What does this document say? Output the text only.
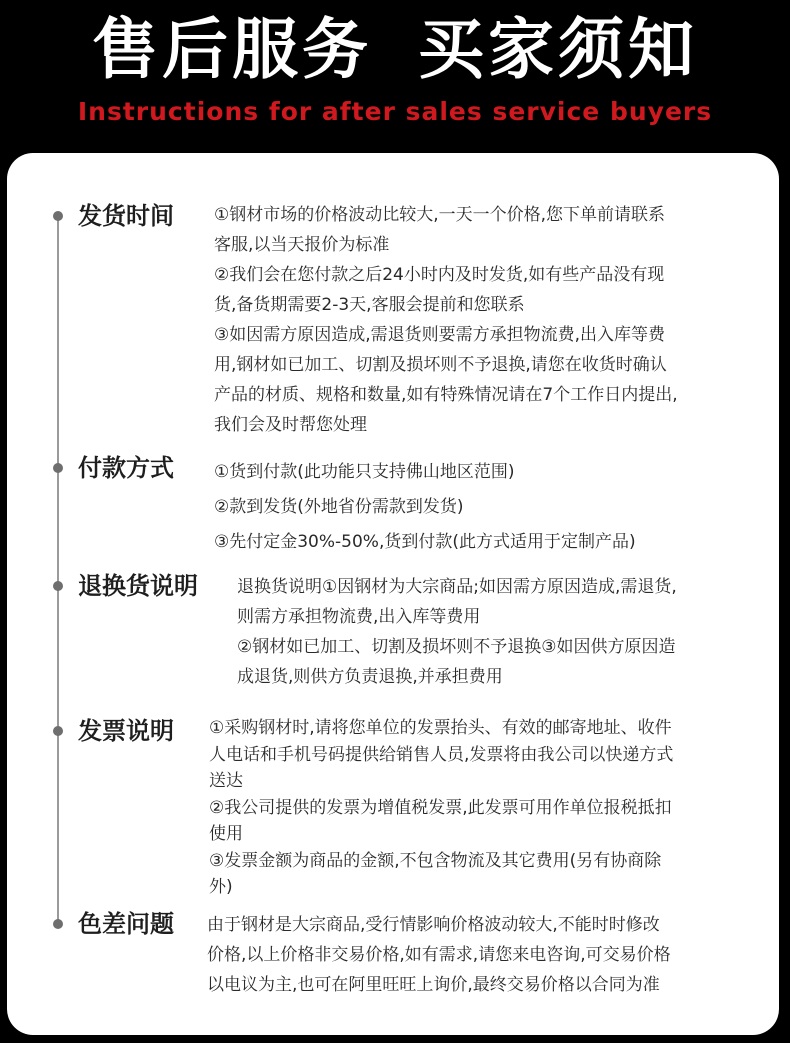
售后服务 买家须知
Instructions for after sales service buyers
发货时间 ①钢材市场的价格波动比较大,一天一个价格,您下单前请联系
客服,以当天报价为标准
②我们会在您付款之后24小时内及时发货,如有些产品没有现
货,备货期需要2-3天,客服会提前和您联系
③如因需方原因造成,需退货则要需方承担物流费,出入库等费
用,钢材如已加工、切割及损坏则不予退换,请您在收货时确认
产品的材质、规格和数量,如有特殊情况请在7个工作日内提出,
我们会及时帮您处理
付款方式 ①货到付款(此功能只支持佛山地区范围)
②款到发货(外地省份需款到发货)
③先付定金30%-50%,货到付款(此方式适用于定制产品)
退换货说明 退换货说明①因钢材为大宗商品;如因需方原因造成,需退货,
则需方承担物流费,出入库等费用
②钢材如已加工、切割及损坏则不予退换③如因供方原因造
成退货,则供方负责退换,并承担费用
发票说明 ①采购钢材时,请将您单位的发票抬头、有效的邮寄地址、收件
人电话和手机号码提供给销售人员,发票将由我公司以快递方式
送达
②我公司提供的发票为增值税发票,此发票可用作单位报税抵扣
使用
③发票金额为商品的金额,不包含物流及其它费用(另有协商除
外)
色差问题 由于钢材是大宗商品,受行情影响价格波动较大,不能时时修改
价格,以上价格非交易价格,如有需求,请您来电咨询,可交易价格
以电议为主,也可在阿里旺旺上询价,最终交易价格以合同为准
